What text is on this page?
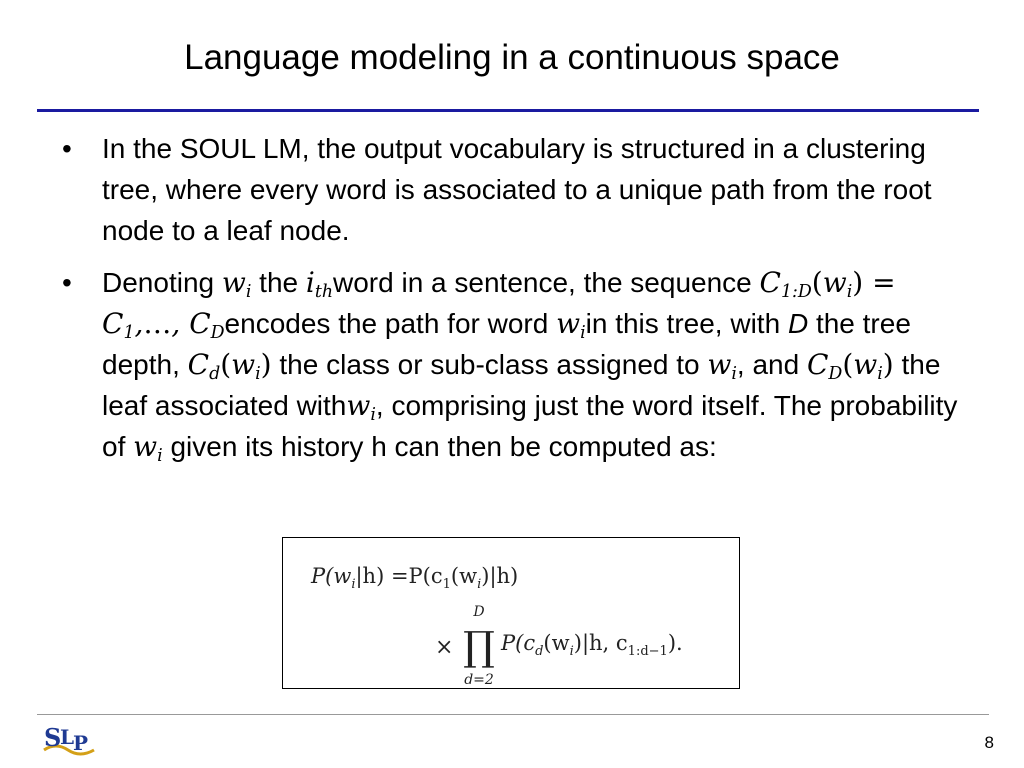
Language modeling in a continuous space
• In the SOUL LM, the output vocabulary is structured in a clustering tree, where every word is associated to a unique path from the root node to a leaf node.
• Denoting $w_i$ the $i_{th}word$ in a sentence, the sequence $C_{1:D}(w_i)$ = $C_1,\dots$, $C_Dencodes$ the path for word $w_iin$ this tree, with D the tree depth, $C_d(w_i)$ the class or sub-class assigned to $w_i$, and $C_D(w_i)$ the leaf associated withw$_i$, comprising just the word itself. The probability of $w_i$ given its history h can then be computed as:
$P(w_i|h) =P(c_1(w_i)|h)$
D
× ∏
d=2
$P(c_d(w_i)|h$, $c_{1:d-1}$).
S
L
P	8
